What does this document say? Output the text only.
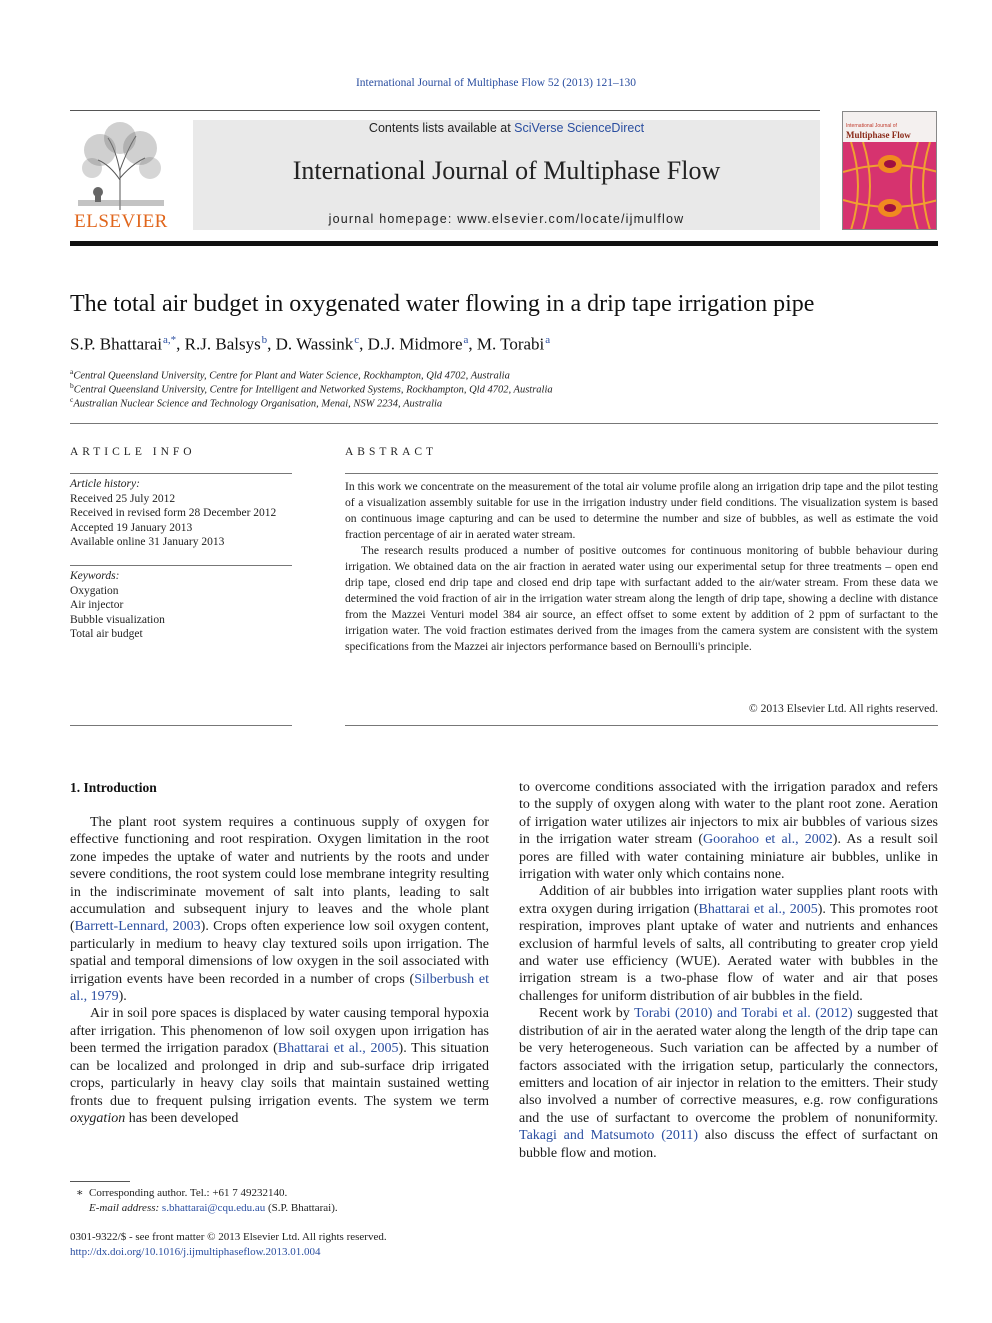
International Journal of Multiphase Flow 52 (2013) 121–130
ELSEVIER
Contents lists available at SciVerse ScienceDirect
International Journal of Multiphase Flow
journal homepage: www.elsevier.com/locate/ijmulflow
International Journal of
Multiphase Flow
The total air budget in oxygenated water flowing in a drip tape irrigation pipe
S.P. Bhattarai $^{a,*}$, R.J. Balsys $^b$, D. Wassink $^c$, D.J. Midmore $^a$, M. Torabi $^a$
$^a$Central Queensland University, Centre for Plant and Water Science, Rockhampton, Qld 4702, Australia
$^b$Central Queensland University, Centre for Intelligent and Networked Systems, Rockhampton, Qld 4702, Australia
$^c$Australian Nuclear Science and Technology Organisation, Menai, NSW 2234, Australia
ARTICLE INFO
Article history:
Received 25 July 2012
Received in revised form 28 December 2012
Accepted 19 January 2013
Available online 31 January 2013
Keywords:
Oxygation
Air injector
Bubble visualization
Total air budget
ABSTRACT

In this work we concentrate on the measurement of the total air volume profile along an irrigation drip tape and the pilot testing of a visualization assembly suitable for use in the irrigation industry under field conditions. The visualization system is based on continuous image capturing and can be used to determine the number and size of bubbles, as well as estimate the void fraction percentage of air in aerated water stream.

The research results produced a number of positive outcomes for continuous monitoring of bubble behaviour during irrigation. We obtained data on the air fraction in aerated water using our experimental setup for three treatments – open end drip tape, closed end drip tape and closed end drip tape with surfactant added to the air/water stream. From these data we determined the void fraction of air in the irrigation water stream along the length of drip tape, showing a decline with distance from the Mazzei Venturi model 384 air source, an effect offset to some extent by addition of 2 ppm of surfactant to the irrigation water. The void fraction estimates derived from the images from the camera system are consistent with the system specifications from the Mazzei air injectors performance based on Bernoulli's principle.

© 2013 Elsevier Ltd. All rights reserved.
1. Introduction

The plant root system requires a continuous supply of oxygen for effective functioning and root respiration. Oxygen limitation in the root zone impedes the uptake of water and nutrients by the roots and under severe conditions, the root system could lose membrane integrity resulting in the indiscriminate movement of salt into plants, leading to salt accumulation and subsequent injury to leaves and the whole plant (Barrett-Lennard, 2003). Crops often experience low soil oxygen content, particularly in medium to heavy clay textured soils upon irrigation. The spatial and temporal dimensions of low oxygen in the soil associated with irrigation events have been recorded in a number of crops (Silberbush et al., 1979).

Air in soil pore spaces is displaced by water causing temporal hypoxia after irrigation. This phenomenon of low soil oxygen upon irrigation has been termed the irrigation paradox (Bhattarai et al., 2005). This situation can be localized and prolonged in drip and sub-surface drip irrigated crops, particularly in heavy clay soils that maintain sustained wetting fronts due to frequent pulsing irrigation events. The system we term oxygation has been developed

to overcome conditions associated with the irrigation paradox and refers to the supply of oxygen along with water to the plant root zone. Aeration of irrigation water utilizes air injectors to mix air bubbles of various sizes in the irrigation water stream (Goorahoo et al., 2002). As a result soil pores are filled with water containing miniature air bubbles, unlike in irrigation with water only which contains none.

Addition of air bubbles into irrigation water supplies plant roots with extra oxygen during irrigation (Bhattarai et al., 2005). This promotes root respiration, improves plant uptake of water and nutrients and enhances exclusion of harmful levels of salts, all contributing to greater crop yield and water use efficiency (WUE). Aerated water with bubbles in the irrigation stream is a two-phase flow of water and air that poses challenges for uniform distribution of air bubbles in the field.

Recent work by Torabi (2010) and Torabi et al. (2012) suggested that distribution of air in the aerated water along the length of the drip tape can be very heterogeneous. Such variation can be affected by a number of factors associated with the irrigation setup, particularly the connectors, emitters and location of air injector in relation to the emitters. Their study also involved a number of corrective measures, e.g. row configurations and the use of surfactant to overcome the problem of nonuniformity. Takagi and Matsumoto (2011) also discuss the effect of surfactant on bubble flow and motion.

∗  Corresponding author. Tel.: +61 7 49232140.
E-mail address: s.bhattarai@cqu.edu.au (S.P. Bhattarai).
0301-9322/$ - see front matter © 2013 Elsevier Ltd. All rights reserved.
http://dx.doi.org/10.1016/j.ijmultiphaseflow.2013.01.004
